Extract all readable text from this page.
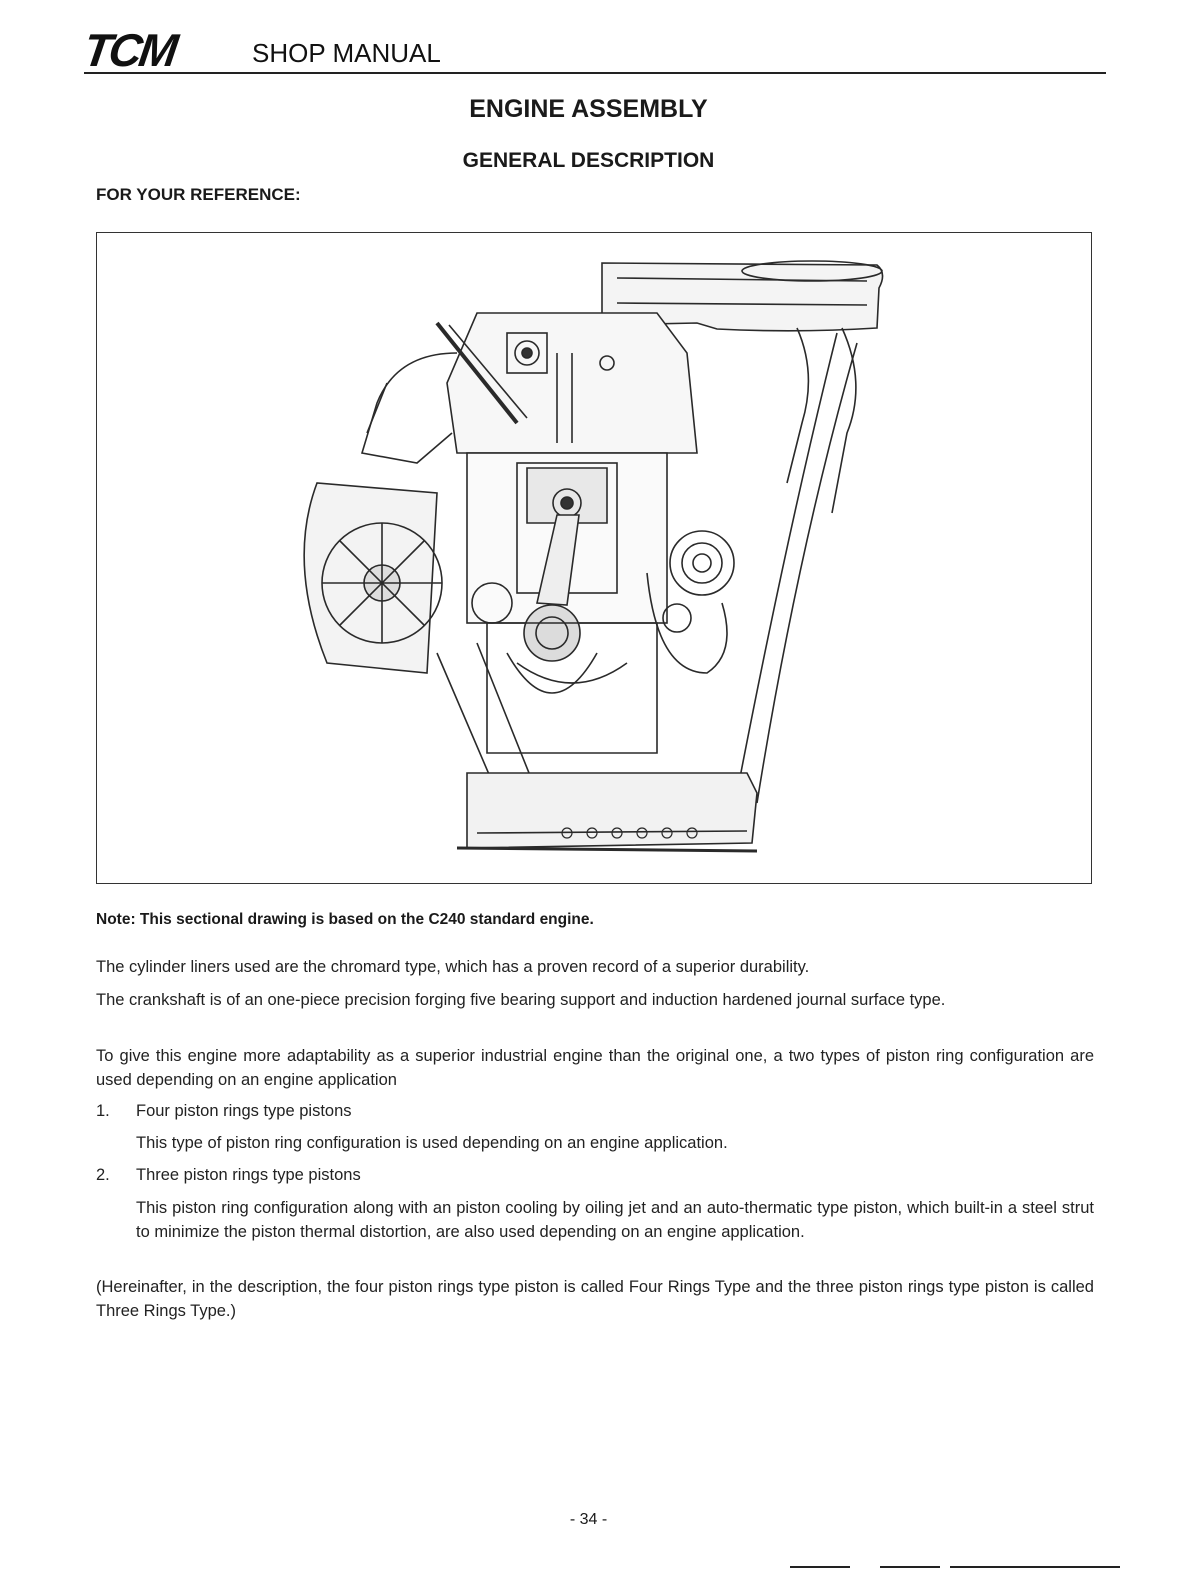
TCM	SHOP MANUAL
ENGINE ASSEMBLY
GENERAL DESCRIPTION
FOR YOUR REFERENCE:
Note: This sectional drawing is based on the C240 standard engine.
The cylinder liners used are the chromard type, which has a proven record of a superior durability.
The crankshaft is of an one-piece precision forging five bearing support and induction hardened journal surface type.
To give this engine more adaptability as a superior industrial engine than the original one, a two types of piston ring configuration are used depending on an engine application
1. Four piston rings type pistons
This type of piston ring configuration is used depending on an engine application.
2. Three piston rings type pistons
This piston ring configuration along with an piston cooling by oiling jet and an auto-thermatic type piston, which built-in a steel strut to minimize the piston thermal distortion, are also used depending on an engine application.
(Hereinafter, in the description, the four piston rings type piston is called Four Rings Type and the three piston rings type piston is called Three Rings Type.)
- 34 -
